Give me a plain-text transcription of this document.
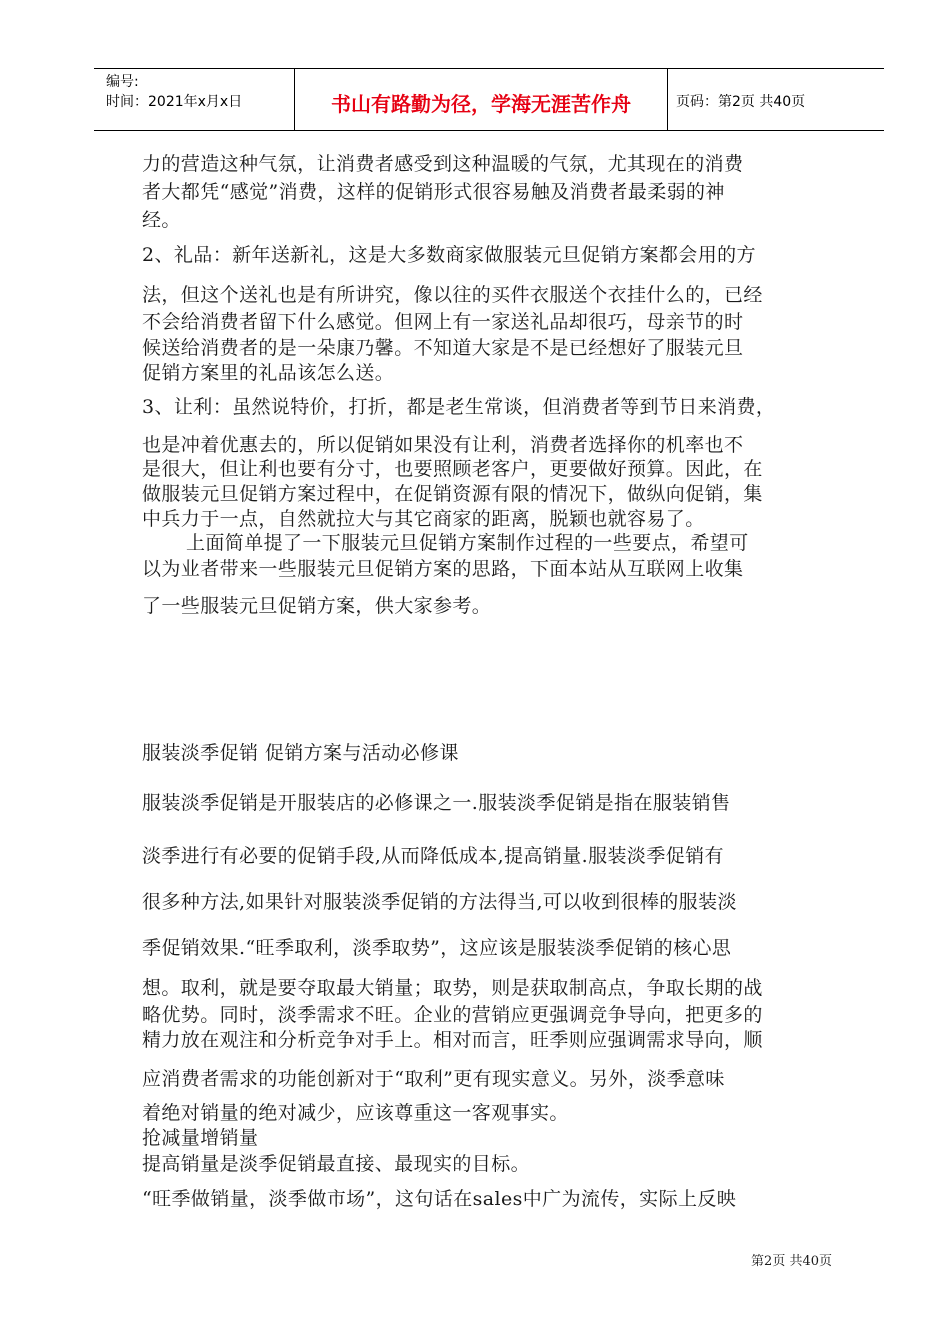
编号:
时间：2021年x月x日	书山有路勤为径，学海无涯苦作舟	页码：第2页 共40页
力的营造这种气氛，让消费者感受到这种温暖的气氛，尤其现在的消费
者大都凭“感觉”消费，这样的促销形式很容易触及消费者最柔弱的神
经。
2、礼品：新年送新礼，这是大多数商家做服装元旦促销方案都会用的方
法，但这个送礼也是有所讲究，像以往的买件衣服送个衣挂什么的，已经
不会给消费者留下什么感觉。但网上有一家送礼品却很巧，母亲节的时
候送给消费者的是一朵康乃馨。不知道大家是不是已经想好了服装元旦
促销方案里的礼品该怎么送。
3、让利：虽然说特价，打折，都是老生常谈，但消费者等到节日来消费，
也是冲着优惠去的，所以促销如果没有让利，消费者选择你的机率也不
是很大，但让利也要有分寸，也要照顾老客户，更要做好预算。因此，在
做服装元旦促销方案过程中，在促销资源有限的情况下，做纵向促销，集
中兵力于一点，自然就拉大与其它商家的距离，脱颖也就容易了。
上面简单提了一下服装元旦促销方案制作过程的一些要点，希望可
以为业者带来一些服装元旦促销方案的思路，下面本站从互联网上收集
了一些服装元旦促销方案，供大家参考。
服装淡季促销 促销方案与活动必修课
服装淡季促销是开服装店的必修课之一.服装淡季促销是指在服装销售
淡季进行有必要的促销手段,从而降低成本,提高销量.服装淡季促销有
很多种方法,如果针对服装淡季促销的方法得当,可以收到很棒的服装淡
季促销效果.“旺季取利，淡季取势”，这应该是服装淡季促销的核心思
想。取利，就是要夺取最大销量；取势，则是获取制高点，争取长期的战
略优势。同时，淡季需求不旺。企业的营销应更强调竞争导向，把更多的
精力放在观注和分析竞争对手上。相对而言，旺季则应强调需求导向，顺
应消费者需求的功能创新对于“取利”更有现实意义。另外，淡季意味
着绝对销量的绝对减少，应该尊重这一客观事实。
抢减量增销量
提高销量是淡季促销最直接、最现实的目标。
“旺季做销量，淡季做市场”，这句话在sales中广为流传，实际上反映
第2页 共40页
